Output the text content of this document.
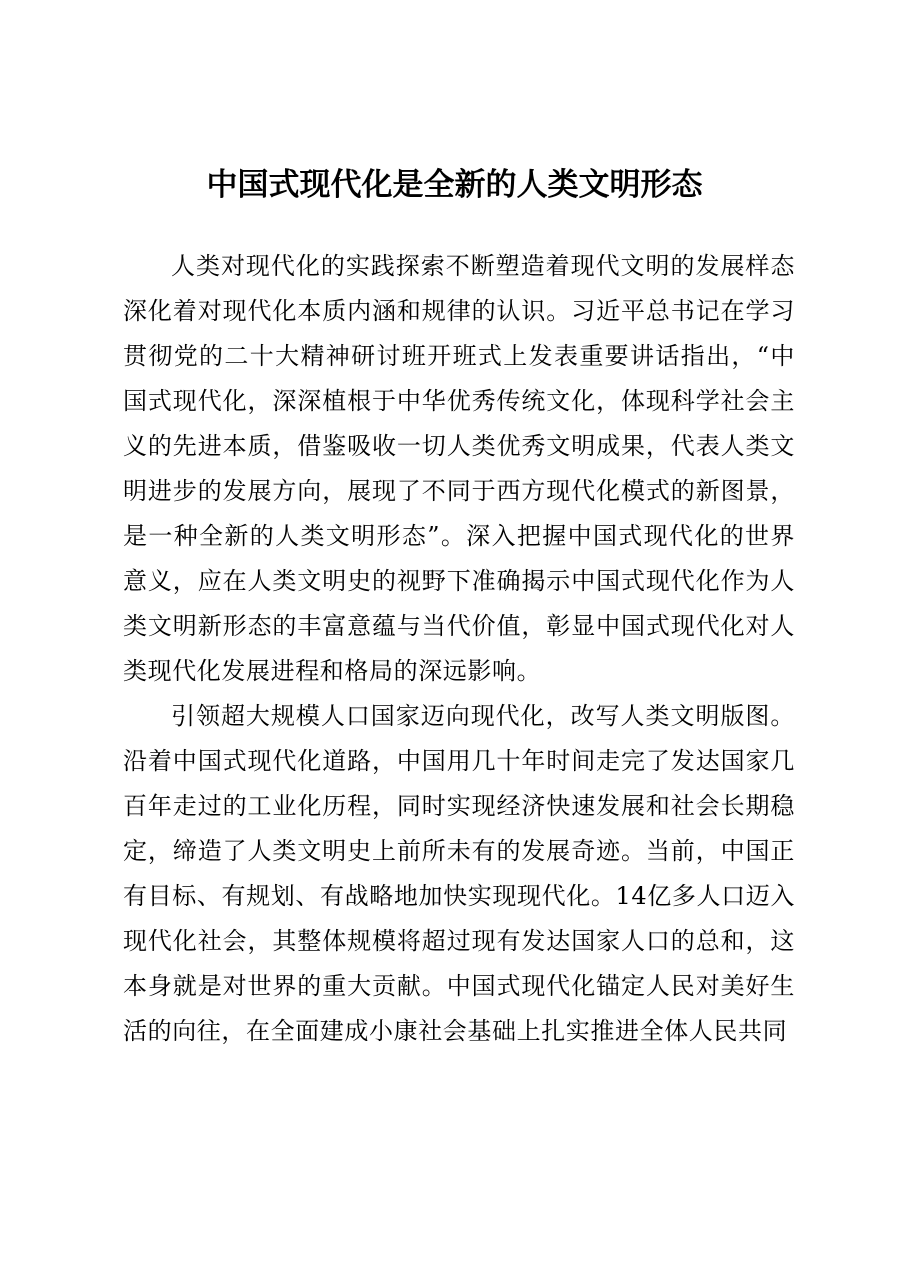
中国式现代化是全新的人类文明形态

人类对现代化的实践探索不断塑造着现代文明的发展样态深化着对现代化本质内涵和规律的认识。习近平总书记在学习贯彻党的二十大精神研讨班开班式上发表重要讲话指出，“中国式现代化，深深植根于中华优秀传统文化，体现科学社会主义的先进本质，借鉴吸收一切人类优秀文明成果，代表人类文明进步的发展方向，展现了不同于西方现代化模式的新图景，是一种全新的人类文明形态”。深入把握中国式现代化的世界意义，应在人类文明史的视野下准确揭示中国式现代化作为人类文明新形态的丰富意蕴与当代价值，彰显中国式现代化对人类现代化发展进程和格局的深远影响。

引领超大规模人口国家迈向现代化，改写人类文明版图。沿着中国式现代化道路，中国用几十年时间走完了发达国家几百年走过的工业化历程，同时实现经济快速发展和社会长期稳定，缔造了人类文明史上前所未有的发展奇迹。当前，中国正有目标、有规划、有战略地加快实现现代化。14亿多人口迈入现代化社会，其整体规模将超过现有发达国家人口的总和，这本身就是对世界的重大贡献。中国式现代化锚定人民对美好生活的向往，在全面建成小康社会基础上扎实推进全体人民共同
